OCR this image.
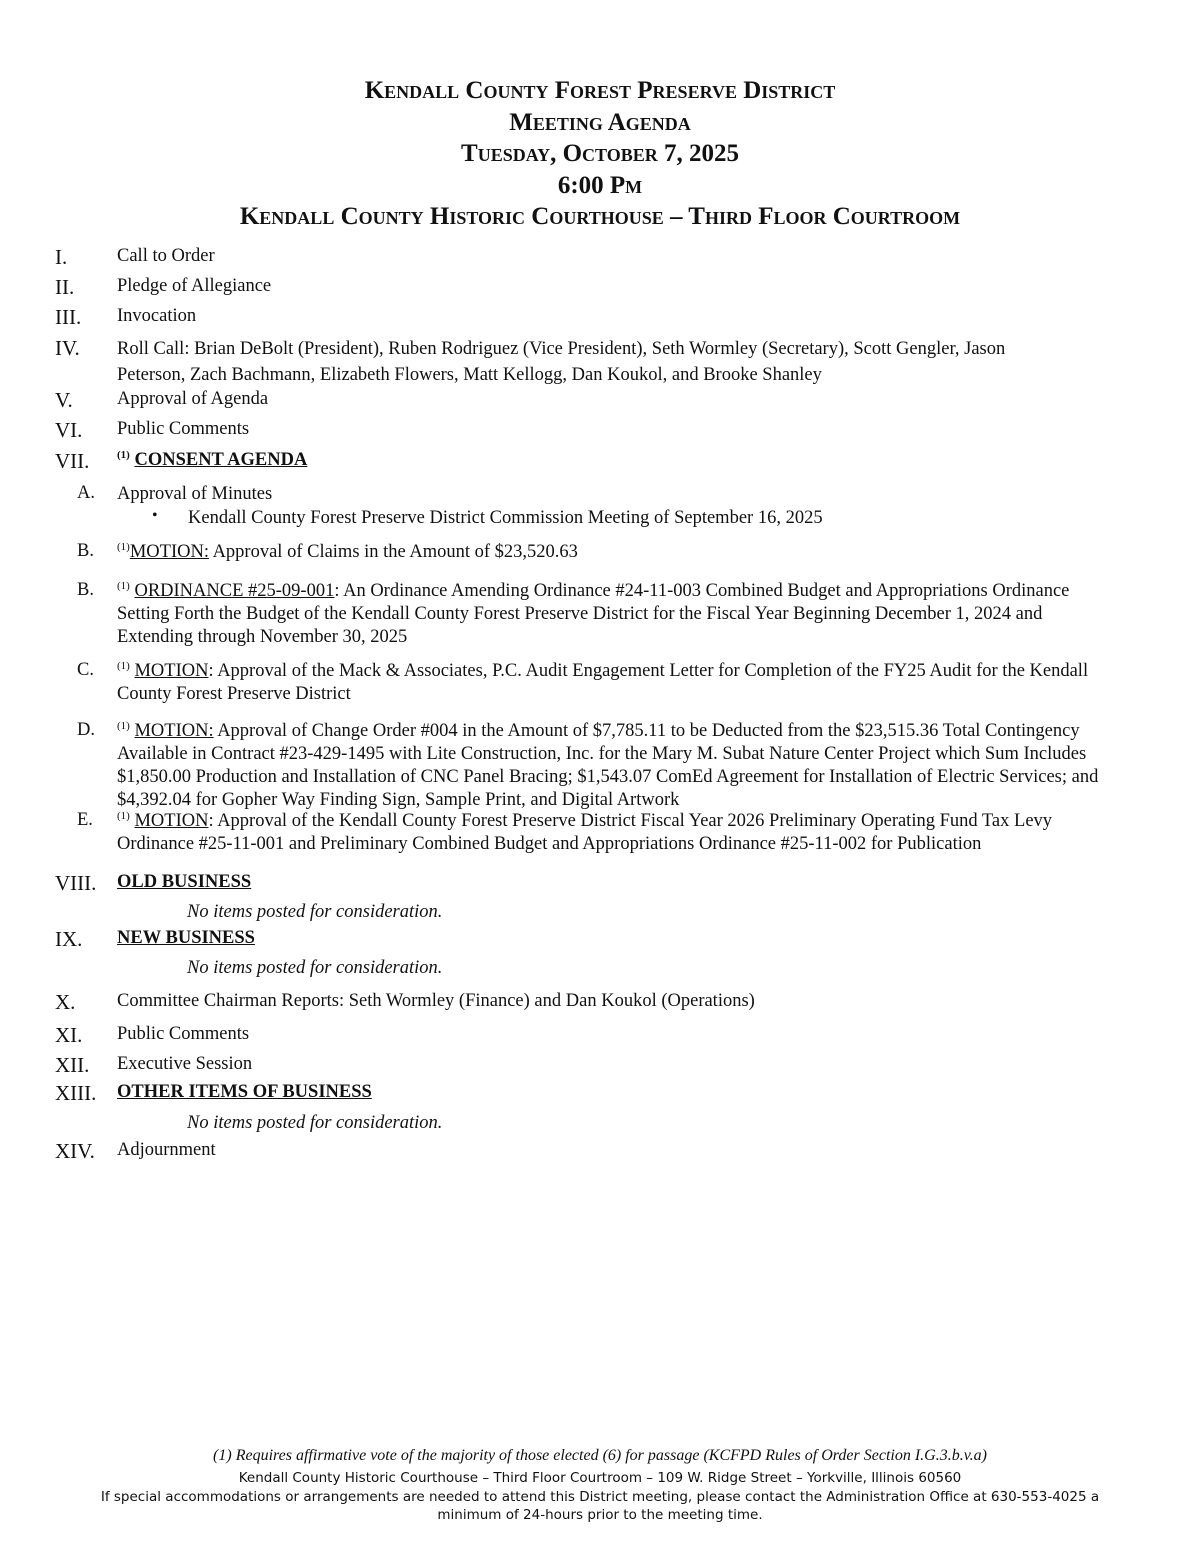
Kendall County Forest Preserve District
Meeting Agenda
Tuesday, October 7, 2025
6:00 Pm
Kendall County Historic Courthouse – Third Floor Courtroom
I.	Call to Order
II. Pledge of Allegiance
III. Invocation
IV. Roll Call: Brian DeBolt (President), Ruben Rodriguez (Vice President), Seth Wormley (Secretary), Scott Gengler, Jason Peterson, Zach Bachmann, Elizabeth Flowers, Matt Kellogg, Dan Koukol, and Brooke Shanley
V. Approval of Agenda
VI. Public Comments
VII.	$^{(1)}$ CONSENT AGENDA
A. Approval of Minutes
• Kendall County Forest Preserve District Commission Meeting of September 16, 2025
B. $^{(1)}$MOTION: Approval of Claims in the Amount of $23,520.63
B. $^{(1)}$ ORDINANCE #25-09-001: An Ordinance Amending Ordinance #24-11-003 Combined Budget and Appropriations Ordinance Setting Forth the Budget of the Kendall County Forest Preserve District for the Fiscal Year Beginning December 1, 2024 and Extending through November 30, 2025
C. $^{(1)}$ MOTION: Approval of the Mack & Associates, P.C. Audit Engagement Letter for Completion of the FY25 Audit for the Kendall County Forest Preserve District
D. $^{(1)}$ MOTION: Approval of Change Order #004 in the Amount of $7,785.11 to be Deducted from the $23,515.36 Total Contingency Available in Contract #23-429-1495 with Lite Construction, Inc. for the Mary M. Subat Nature Center Project which Sum Includes $1,850.00 Production and Installation of CNC Panel Bracing; $1,543.07 ComEd Agreement for Installation of Electric Services; and $4,392.04 for Gopher Way Finding Sign, Sample Print, and Digital Artwork
E. $^{(1)}$ MOTION: Approval of the Kendall County Forest Preserve District Fiscal Year 2026 Preliminary Operating Fund Tax Levy Ordinance #25-11-001 and Preliminary Combined Budget and Appropriations Ordinance #25-11-002 for Publication
VIII. OLD BUSINESS
No items posted for consideration.
IX. NEW BUSINESS
No items posted for consideration.
X. Committee Chairman Reports: Seth Wormley (Finance) and Dan Koukol (Operations)
XI. Public Comments
XII. Executive Session
XIII. OTHER ITEMS OF BUSINESS
No items posted for consideration.
XIV. Adjournment
(1) Requires affirmative vote of the majority of those elected (6) for passage (KCFPD Rules of Order Section I.G.3.b.v.a)
Kendall County Historic Courthouse – Third Floor Courtroom – 109 W. Ridge Street – Yorkville, Illinois 60560
If special accommodations or arrangements are needed to attend this District meeting, please contact the Administration Office at 630-553-4025 a minimum of 24-hours prior to the meeting time.
